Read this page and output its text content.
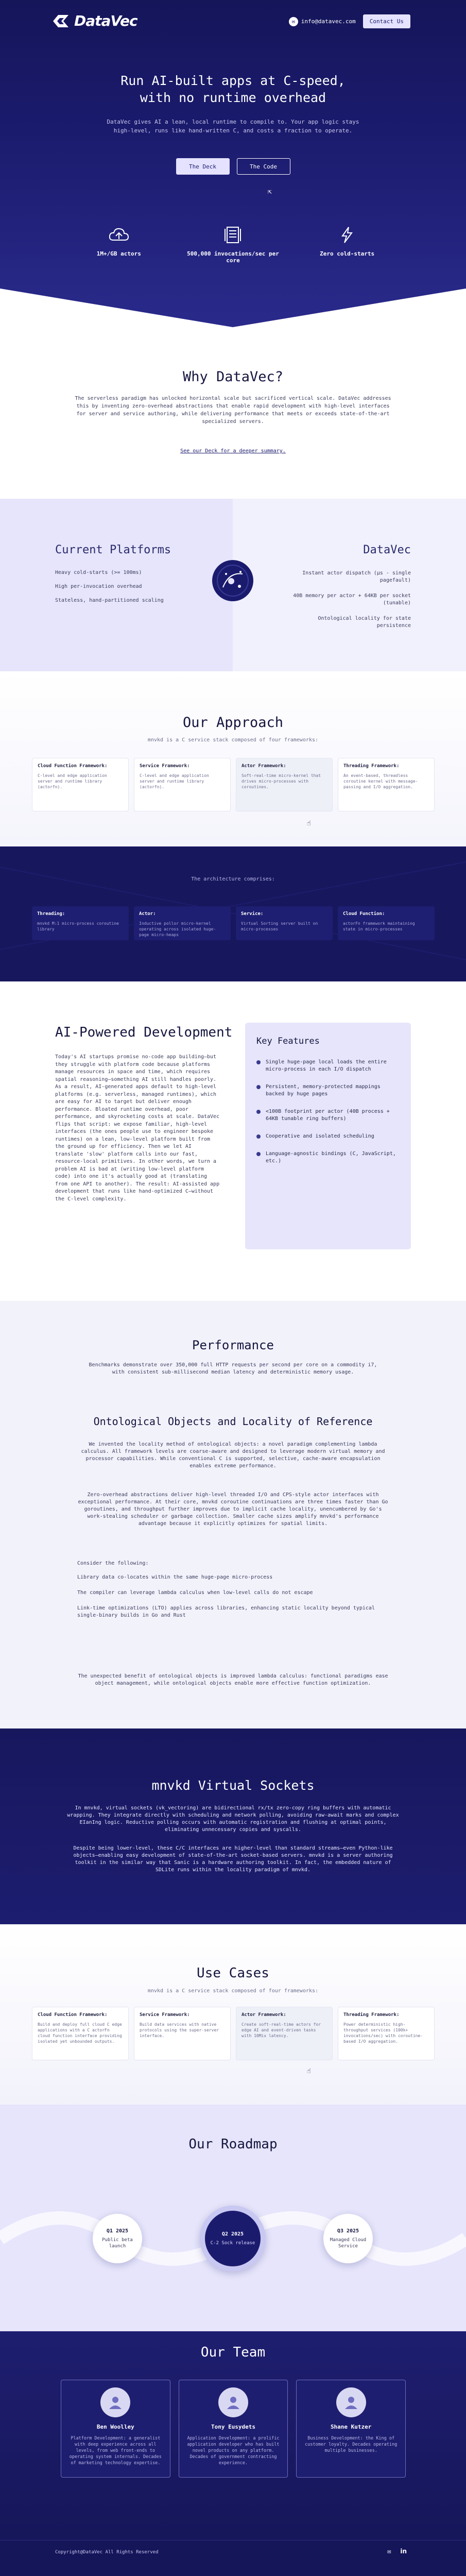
DataVec	✉	info@datavec.com	Contact Us
Run AI-built apps at C-speed,
with no runtime overhead
DataVec gives AI a lean, local runtime to compile to. Your app logic stays
high-level, runs like hand-written C, and costs a fraction to operate.
The Deck	The Code
⇱
1M+/GB actors	500,000 invocations/sec per core
Zero cold-starts
Why DataVec?

The serverless paradigm has unlocked horizontal scale but sacrificed vertical scale. DataVec addresses this by inventing zero-overhead abstractions that enable rapid development with high-level interfaces for server and service authoring, while delivering performance that meets or exceeds state-of-the-art specialized servers.

See our Deck for a deeper summary.
Current Platforms
Heavy cold-starts (>= 100ms)
High per-invocation overhead
Stateless, hand-partitioned scaling
DataVec
Instant actor dispatch (µs - single pagefault)
40B memory per actor + 64KB per socket (tunable)
Ontological locality for state persistence
Our Approach
mnvkd is a C service stack composed of four frameworks:
Cloud Function Framework:
C-level and edge application server and runtime library (actorfn).
Service Framework:
C-level and edge application server and runtime library (actorfn).
Actor Framework:
Soft-real-time micro-kernel that drives micro-processes with coroutines.
Threading Framework:
An event-based, threadless coroutine kernel with message-passing and I/O aggregation.
☝
The architecture comprises:
Threading:
mnvkd M:1 micro-process coroutine library
Actor:
Inductive pollor micro-kernel operating across isolated huge-page micro-heaps
Service:
Virtual Sorting server built on micro-processes
Cloud Function:
actorFn framework maintaining state in micro-processes
AI-Powered Development

Today's AI startups promise no-code app building—but they struggle with platform code because platforms manage resources in space and time, which requires spatial reasoning—something AI still handles poorly. As a result, AI-generated apps default to high-level platforms (e.g. serverless, managed runtimes), which are easy for AI to target but deliver enough performance. Bloated runtime overhead, poor performance, and skyrocketing costs at scale. DataVec flips that script: we expose familiar, high-level interfaces (the ones people use to engineer bespoke runtimes) on a lean, low-level platform built from the ground up for efficiency. Then we let AI translate 'slow' platform calls into our fast, resource-local primitives. In other words, we turn a problem AI is bad at (writing low-level platform code) into one it's actually good at (translating from one API to another). The result: AI-assisted app development that runs like hand-optimized C—without the C-level complexity.

Key Features
Single huge-page local loads the entire micro-process in each I/O dispatch
Persistent, memory-protected mappings backed by huge pages
<100B footprint per actor (40B process + 64KB tunable ring buffers)
Cooperative and isolated scheduling
Language-agnostic bindings (C, JavaScript, etc.)
Performance
Benchmarks demonstrate over 350,000 full HTTP requests per second per core on a commodity i7, with consistent sub-millisecond median latency and deterministic memory usage.
Ontological Objects and Locality of Reference
We invented the locality method of ontological objects: a novel paradigm complementing lambda calculus. All framework levels are coarse-aware and designed to leverage modern virtual memory and processor capabilities. While conventional C is supported, selective, cache-aware encapsulation enables extreme performance.
Zero-overhead abstractions deliver high-level threaded I/O and CPS-style actor interfaces with exceptional performance. At their core, mnvkd coroutine continuations are three times faster than Go goroutines, and throughput further improves due to implicit cache locality, unencumbered by Go's work-stealing scheduler or garbage collection. Smaller cache sizes amplify mnvkd's performance advantage because it explicitly optimizes for spatial limits.
Consider the following:
Library data co-locates within the same huge-page micro-process
The compiler can leverage lambda calculus when low-level calls do not escape
Link-time optimizations (LTO) applies across libraries, enhancing static locality beyond typical single-binary builds in Go and Rust
The unexpected benefit of ontological objects is improved lambda calculus: functional paradigms ease object management, while ontological objects enable more effective function optimization.
mnvkd Virtual Sockets
In mnvkd, virtual sockets (vk_vectoring) are bidirectional rx/tx zero-copy ring buffers with automatic wrapping. They integrate directly with scheduling and network polling, avoiding raw-await marks and complex EIanIng logic. Reductive polling occurs with automatic registration and flushing at optimal points, eliminating unnecessary copies and syscalls.
Despite being lower-level, these C/C interfaces are higher-level than standard streams—even Python-like objects—enabling easy development of state-of-the-art socket-based servers. mnvkd is a server authoring toolkit in the similar way that Sanic is a hardware authoring toolkit. In fact, the embedded nature of SDLite runs within the locality paradigm of mnvkd.
Use Cases
mnvkd is a C service stack composed of four frameworks:
Cloud Function Framework:
Build and deploy full cloud C edge applications with a C actorFn cloud function interface providing isolated yet unbounded outputs.
Service Framework:
Build data services with native protocols using the super-server interface.
Actor Framework:
Create soft-real-time actors for edge AI and event-driven tasks with 10Mix latency.
Threading Framework:
Power deterministic high-throughput services (100k+ invocations/sec) with coroutine-based I/O aggregation.
☝
Our Roadmap
Q1 2025
Public beta launch
Q2 2025
C-2 Sock release
Q3 2025
Managed Cloud Service
Our Team
Ben Woolley
Platform Development: a generalist with deep experience across all levels, from web front-ends to operating system internals. Decades of marketing technology expertise.
Tony Eusydets
Application Development: a prolific application developer who has built novel products on any platform. Decades of government contracting experience.
Shane Kutzer
Business Development: the King of customer loyalty. Decades operating multiple businesses.
Copyright@DataVec All Rights Reserved	✉ in
